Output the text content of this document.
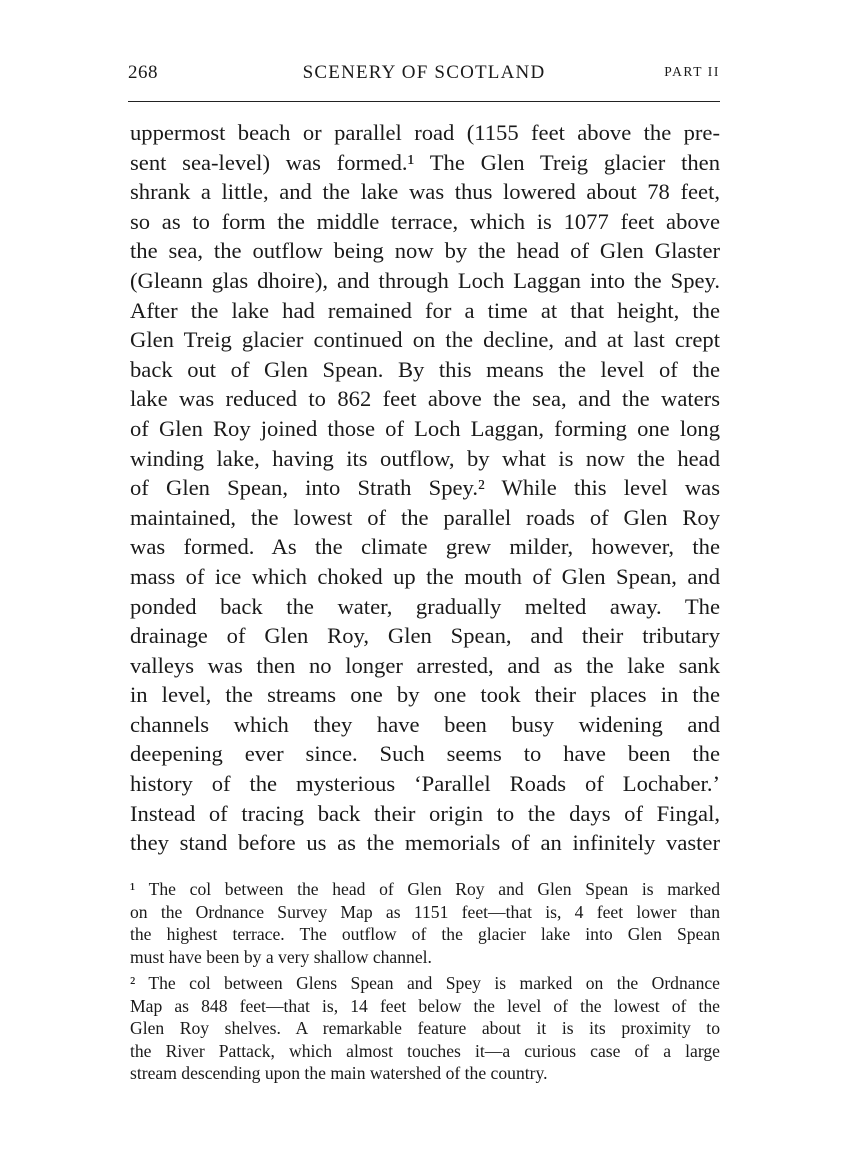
268	SCENERY OF SCOTLAND	PART II
uppermost beach or parallel road (1155 feet above the pre-
sent sea-level) was formed.¹ The Glen Treig glacier then
shrank a little, and the lake was thus lowered about 78 feet,
so as to form the middle terrace, which is 1077 feet above
the sea, the outflow being now by the head of Glen Glaster
(Gleann glas dhoire), and through Loch Laggan into the Spey.
After the lake had remained for a time at that height, the
Glen Treig glacier continued on the decline, and at last crept
back out of Glen Spean. By this means the level of the
lake was reduced to 862 feet above the sea, and the waters
of Glen Roy joined those of Loch Laggan, forming one long
winding lake, having its outflow, by what is now the head
of Glen Spean, into Strath Spey.² While this level was
maintained, the lowest of the parallel roads of Glen Roy
was formed. As the climate grew milder, however, the
mass of ice which choked up the mouth of Glen Spean, and
ponded back the water, gradually melted away. The
drainage of Glen Roy, Glen Spean, and their tributary
valleys was then no longer arrested, and as the lake sank
in level, the streams one by one took their places in the
channels which they have been busy widening and
deepening ever since. Such seems to have been the
history of the mysterious ‘Parallel Roads of Lochaber.’
Instead of tracing back their origin to the days of Fingal,
they stand before us as the memorials of an infinitely vaster
¹ The col between the head of Glen Roy and Glen Spean is marked
on the Ordnance Survey Map as 1151 feet—that is, 4 feet lower than
the highest terrace. The outflow of the glacier lake into Glen Spean
must have been by a very shallow channel.
² The col between Glens Spean and Spey is marked on the Ordnance
Map as 848 feet—that is, 14 feet below the level of the lowest of the
Glen Roy shelves. A remarkable feature about it is its proximity to
the River Pattack, which almost touches it—a curious case of a large
stream descending upon the main watershed of the country.
